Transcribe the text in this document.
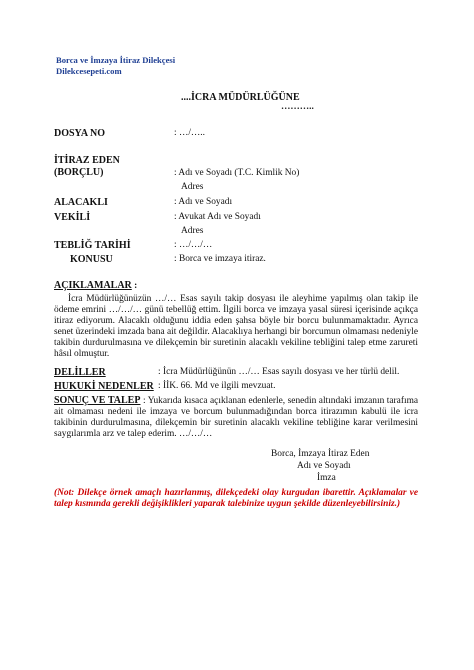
Borca ve İmzaya İtiraz Dilekçesi
Dilekcesepeti.com
....İCRA MÜDÜRLÜĞÜNE
………..
DOSYA NO	: …/…..
İTİRAZ EDEN
(BORÇLU)	: Adı ve Soyadı (T.C. Kimlik No)
Adres
ALACAKLI	: Adı ve Soyadı
VEKİLİ	: Avukat Adı ve Soyadı
Adres
TEBLİĞ TARİHİ	: …/…/…
KONUSU	: Borca ve imzaya itiraz.
AÇIKLAMALAR :
İcra Müdürlüğünüzün …/… Esas sayılı takip dosyası ile aleyhime yapılmış olan takip ile ödeme emrini …/…/… günü tebellüğ ettim. İlgili borca ve imzaya yasal süresi içerisinde açıkça itiraz ediyorum. Alacaklı olduğunu iddia eden şahsa böyle bir borcu bulunmamaktadır. Ayrıca senet üzerindeki imzada bana ait değildir. Alacaklıya herhangi bir borcumun olmaması nedeniyle takibin durdurulmasına ve dilekçemin bir suretinin alacaklı vekiline tebliğini talep etme zarureti hâsıl olmuştur.
DELİLLER	: İcra Müdürlüğünün …/… Esas sayılı dosyası ve her türlü delil.
HUKUKİ NEDENLER : İİK. 66. Md ve ilgili mevzuat.
SONUÇ VE TALEP : Yukarıda kısaca açıklanan edenlerle, senedin altındaki imzanın tarafıma ait olmaması nedeni ile imzaya ve borcum bulunmadığından borca itirazımın kabulü ile icra takibinin durdurulmasına, dilekçemin bir suretinin alacaklı vekiline tebliğine karar verilmesini saygılarımla arz ve talep ederim. …/…/…
Borca, İmzaya İtiraz Eden
Adı ve Soyadı
İmza
(Not: Dilekçe örnek amaçlı hazırlanmış, dilekçedeki olay kurgudan ibarettir. Açıklamalar ve talep kısmında gerekli değişiklikleri yaparak talebinize uygun şekilde düzenleyebilirsiniz.)
